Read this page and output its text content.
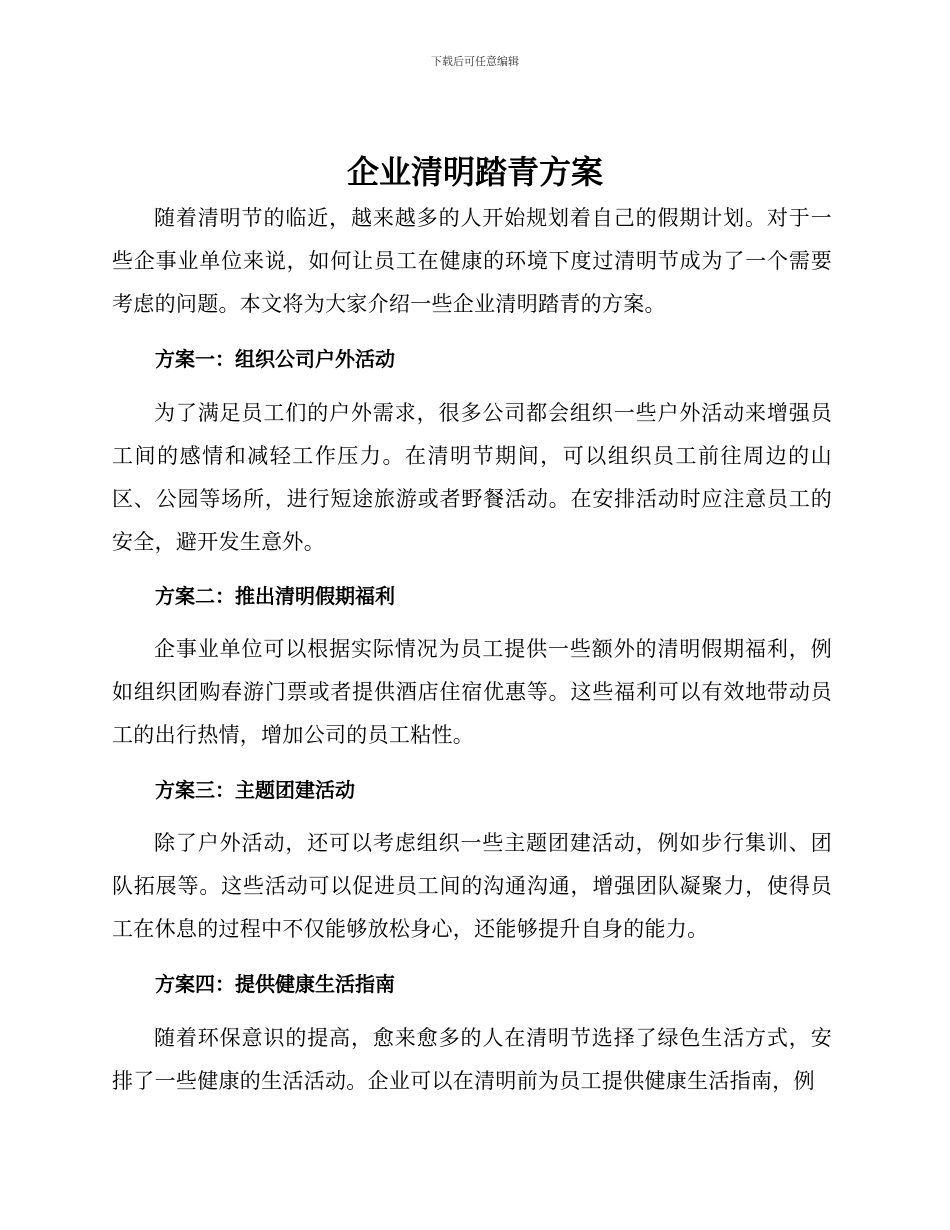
下载后可任意编辑
企业清明踏青方案

随着清明节的临近，越来越多的人开始规划着自己的假期计划。对于一些企事业单位来说，如何让员工在健康的环境下度过清明节成为了一个需要考虑的问题。本文将为大家介绍一些企业清明踏青的方案。

方案一：组织公司户外活动

为了满足员工们的户外需求，很多公司都会组织一些户外活动来增强员工间的感情和减轻工作压力。在清明节期间，可以组织员工前往周边的山区、公园等场所，进行短途旅游或者野餐活动。在安排活动时应注意员工的安全，避开发生意外。

方案二：推出清明假期福利

企事业单位可以根据实际情况为员工提供一些额外的清明假期福利，例如组织团购春游门票或者提供酒店住宿优惠等。这些福利可以有效地带动员工的出行热情，增加公司的员工粘性。

方案三：主题团建活动

除了户外活动，还可以考虑组织一些主题团建活动，例如步行集训、团队拓展等。这些活动可以促进员工间的沟通沟通，增强团队凝聚力，使得员工在休息的过程中不仅能够放松身心，还能够提升自身的能力。

方案四：提供健康生活指南

随着环保意识的提高，愈来愈多的人在清明节选择了绿色生活方式，安排了一些健康的生活活动。企业可以在清明前为员工提供健康生活指南，例
